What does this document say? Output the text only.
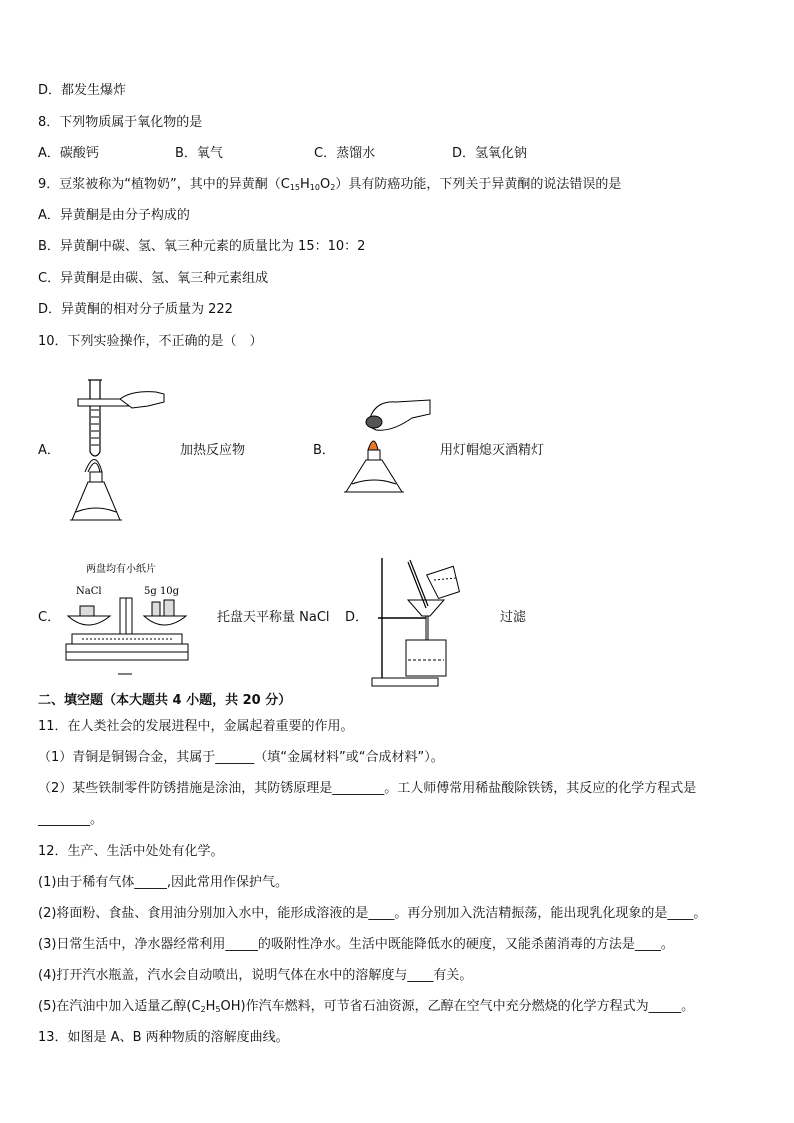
D．都发生爆炸
8．下列物质属于氧化物的是
A．碳酸钙	B．氧气	C．蒸馏水	D．氢氧化钠
9．豆浆被称为“植物奶”，其中的异黄酮$(C_{15}H_{10}O_2)$具有防癌功能，下列关于异黄酮的说法错误的是
A．异黄酮是由分子构成的
B．异黄酮中碳、氢、氧三种元素的质量比为 15：10：2
C．异黄酮是由碳、氢、氧三种元素组成
D．异黄酮的相对分子质量为 222
10．下列实验操作，不正确的是（　）
A．	加热反应物	B．	用灯帽熄灭酒精灯
C．
两盘均有小纸片
NaCl	5g 10g
托盘天平称量 NaCl D．	过滤
二、填空题（本大题共 4 小题，共 20 分）
11．在人类社会的发展进程中，金属起着重要的作用。
（1）青铜是铜锡合金，其属于______（填“金属材料”或“合成材料”）。
（2）某些铁制零件防锈措施是涂油，其防锈原理是________。工人师傅常用稀盐酸除铁锈，其反应的化学方程式是
________。
12．生产、生活中处处有化学。
(1)由于稀有气体_____,因此常用作保护气。
(2)将面粉、食盐、食用油分别加入水中，能形成溶液的是____。再分别加入洗洁精振荡，能出现乳化现象的是____。
(3)日常生活中，净水器经常利用_____的吸附性净水。生活中既能降低水的硬度，又能杀菌消毒的方法是____。
(4)打开汽水瓶盖，汽水会自动喷出，说明气体在水中的溶解度与____有关。
(5)在汽油中加入适量乙醇$(C_2H_5OH)$作汽车燃料，可节省石油资源，乙醇在空气中充分燃烧的化学方程式为_____。
13．如图是 A、B 两种物质的溶解度曲线。
